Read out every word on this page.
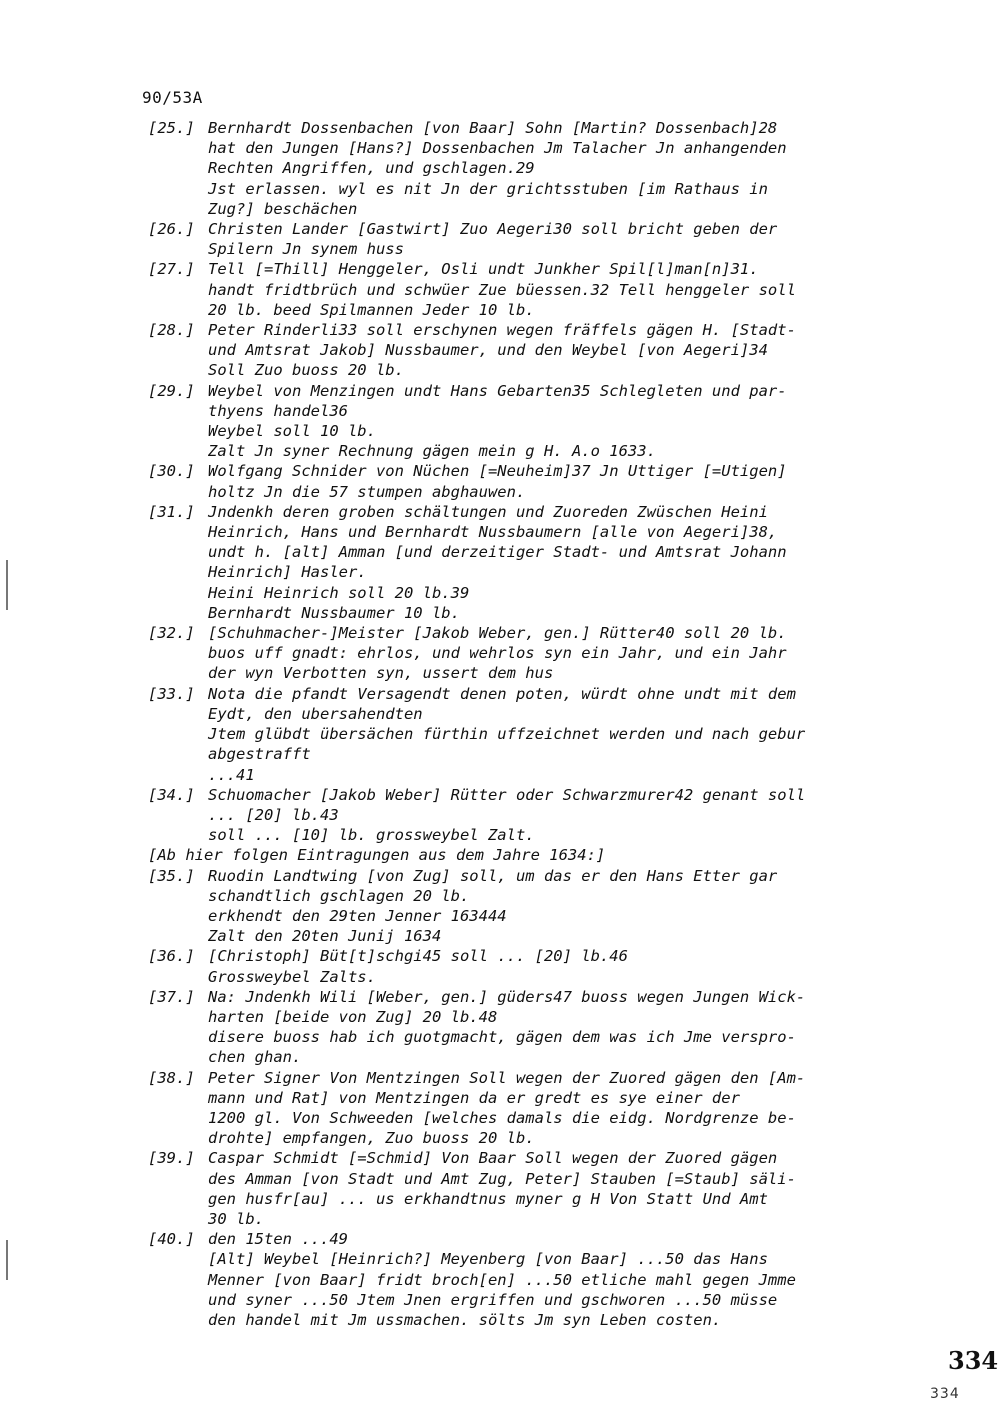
90/53A
[25.] Bernhardt Dossenbachen [von Baar] Sohn [Martin? Dossenbach]28
hat den Jungen [Hans?] Dossenbachen Jm Talacher Jn anhangenden
Rechten Angriffen, und gschlagen.29
Jst erlassen. wyl es nit Jn der grichtsstuben [im Rathaus in
Zug?] beschächen
[26.] Christen Lander [Gastwirt] Zuo Aegeri30 soll bricht geben der
Spilern Jn synem huss
[27.] Tell [=Thill] Henggeler, Osli undt Junkher Spil[l]man[n]31.
handt fridtbrüch und schwüer Zue büessen.32 Tell henggeler soll
20 lb. beed Spilmannen Jeder 10 lb.
[28.] Peter Rinderli33 soll erschynen wegen fräffels gägen H. [Stadt-
und Amtsrat Jakob] Nussbaumer, und den Weybel [von Aegeri]34
Soll Zuo buoss 20 lb.
[29.] Weybel von Menzingen undt Hans Gebarten35 Schlegleten und par-
thyens handel36
Weybel soll 10 lb.
Zalt Jn syner Rechnung gägen mein g H. A.o 1633.
[30.] Wolfgang Schnider von Nüchen [=Neuheim]37 Jn Uttiger [=Utigen]
holtz Jn die 57 stumpen abghauwen.
[31.] Jndenkh deren groben schältungen und Zuoreden Zwüschen Heini
Heinrich, Hans und Bernhardt Nussbaumern [alle von Aegeri]38,
undt h. [alt] Amman [und derzeitiger Stadt- und Amtsrat Johann
Heinrich] Hasler.
Heini Heinrich soll 20 lb.39
Bernhardt Nussbaumer 10 lb.
[32.] [Schuhmacher-]Meister [Jakob Weber, gen.] Rütter40 soll 20 lb.
buos uff gnadt: ehrlos, und wehrlos syn ein Jahr, und ein Jahr
der wyn Verbotten syn, ussert dem hus
[33.] Nota die pfandt Versagendt denen poten, würdt ohne undt mit dem
Eydt, den ubersahendten
Jtem glübdt übersächen fürthin uffzeichnet werden und nach gebur
abgestrafft
...41
[34.] Schuomacher [Jakob Weber] Rütter oder Schwarzmurer42 genant soll
... [20] lb.43
soll ... [10] lb. grossweybel Zalt.
[Ab hier folgen Eintragungen aus dem Jahre 1634:]
[35.] Ruodin Landtwing [von Zug] soll, um das er den Hans Etter gar
schandtlich gschlagen 20 lb.
erkhendt den 29ten Jenner 163444
Zalt den 20ten Junij 1634
[36.] [Christoph] Büt[t]schgi45 soll ... [20] lb.46
Grossweybel Zalts.
[37.] Na: Jndenkh Wili [Weber, gen.] güders47 buoss wegen Jungen Wick-
harten [beide von Zug] 20 lb.48
disere buoss hab ich guotgmacht, gägen dem was ich Jme verspro-
chen ghan.
[38.] Peter Signer Von Mentzingen Soll wegen der Zuored gägen den [Am-
mann und Rat] von Mentzingen da er gredt es sye einer der
1200 gl. Von Schweeden [welches damals die eidg. Nordgrenze be-
drohte] empfangen, Zuo buoss 20 lb.
[39.] Caspar Schmidt [=Schmid] Von Baar Soll wegen der Zuored gägen
des Amman [von Stadt und Amt Zug, Peter] Stauben [=Staub] säli-
gen husfr[au] ... us erkhandtnus myner g H Von Statt Und Amt
30 lb.
[40.] den 15ten ...49
[Alt] Weybel [Heinrich?] Meyenberg [von Baar] ...50 das Hans
Menner [von Baar] fridt broch[en] ...50 etliche mahl gegen Jmme
und syner ...50 Jtem Jnen ergriffen und gschworen ...50 müsse
den handel mit Jm ussmachen. sölts Jm syn Leben costen.
334
334
